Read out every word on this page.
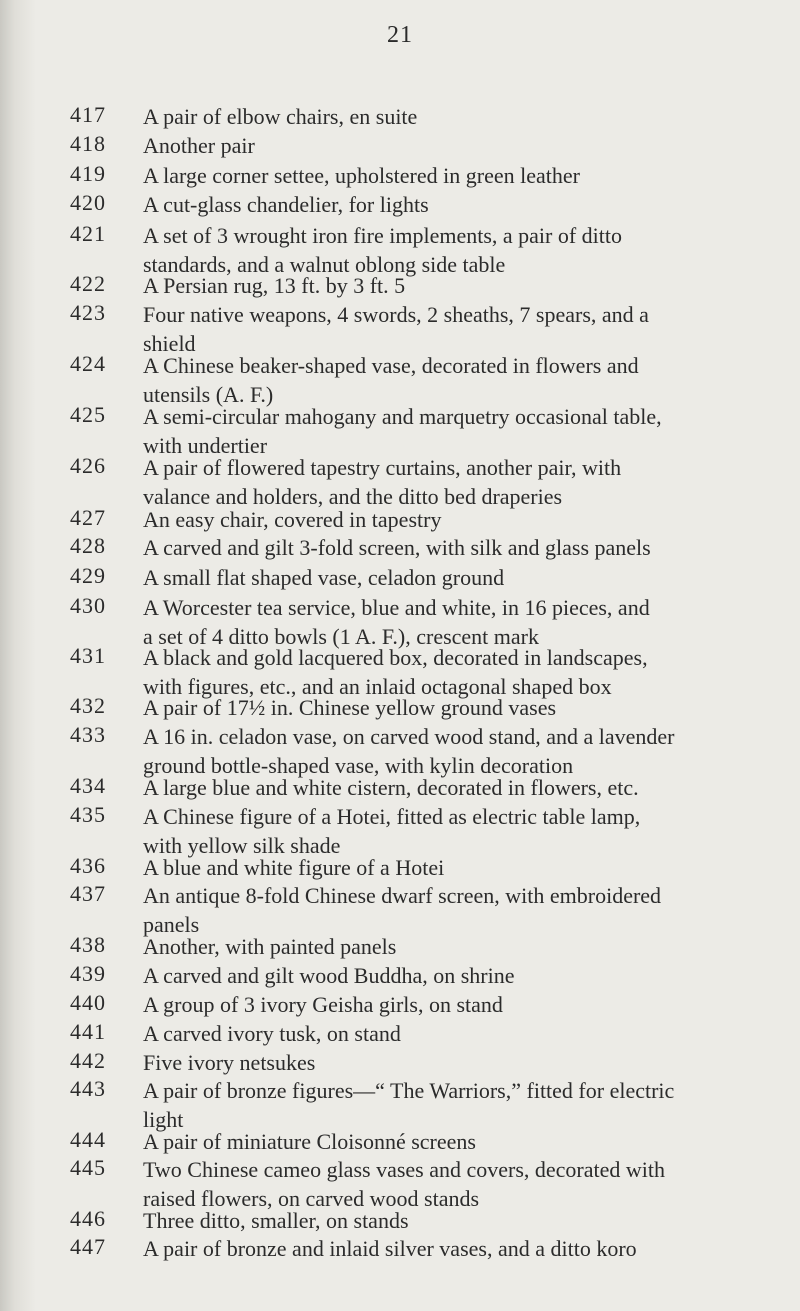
21
417	A pair of elbow chairs, en suite
418	Another pair
419	A large corner settee, upholstered in green leather
420	A cut-glass chandelier, for lights
421	A set of 3 wrought iron fire implements, a pair of ditto
standards, and a walnut oblong side table
422	A Persian rug, 13 ft. by 3 ft. 5
423	Four native weapons, 4 swords, 2 sheaths, 7 spears, and a
shield
424	A Chinese beaker-shaped vase, decorated in flowers and
utensils (A. F.)
425	A semi-circular mahogany and marquetry occasional table,
with undertier
426	A pair of flowered tapestry curtains, another pair, with
valance and holders, and the ditto bed draperies
427	An easy chair, covered in tapestry
428	A carved and gilt 3-fold screen, with silk and glass panels
429	A small flat shaped vase, celadon ground
430	A Worcester tea service, blue and white, in 16 pieces, and
a set of 4 ditto bowls (1 A. F.), crescent mark
431	A black and gold lacquered box, decorated in landscapes,
with figures, etc., and an inlaid octagonal shaped box
432	A pair of 17½ in. Chinese yellow ground vases
433	A 16 in. celadon vase, on carved wood stand, and a lavender
ground bottle-shaped vase, with kylin decoration
434	A large blue and white cistern, decorated in flowers, etc.
435	A Chinese figure of a Hotei, fitted as electric table lamp,
with yellow silk shade
436	A blue and white figure of a Hotei
437	An antique 8-fold Chinese dwarf screen, with embroidered
panels
438	Another, with painted panels
439	A carved and gilt wood Buddha, on shrine
440	A group of 3 ivory Geisha girls, on stand
441	A carved ivory tusk, on stand
442	Five ivory netsukes
443	A pair of bronze figures—“ The Warriors,” fitted for electric
light
444	A pair of miniature Cloisonné screens
445	Two Chinese cameo glass vases and covers, decorated with
raised flowers, on carved wood stands
446	Three ditto, smaller, on stands
447	A pair of bronze and inlaid silver vases, and a ditto koro
